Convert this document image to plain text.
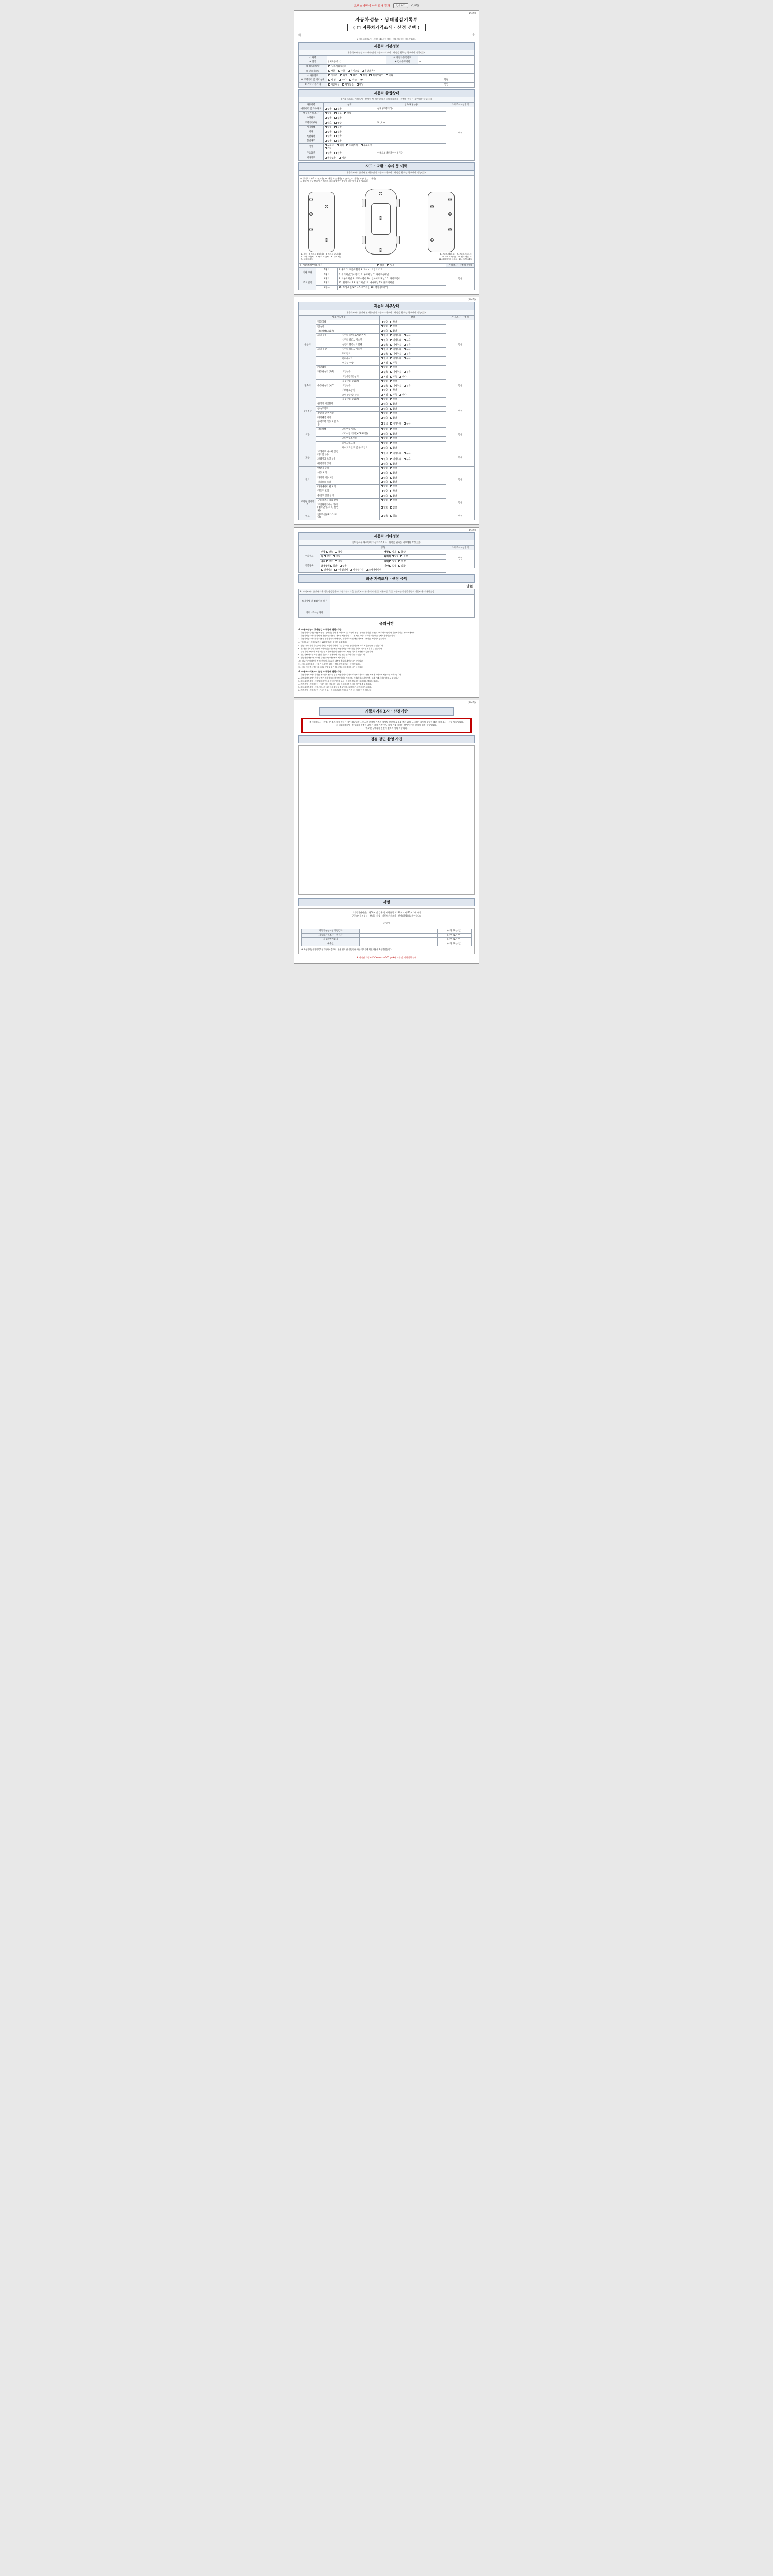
트랜스퍼민이 안전검사 결과	인쇄하기	(1/4쪽)
(1/4쪽)
자동차성능 · 상태점검기록부
( □ 자동차가격조사 · 산정 선택 )
제	호
※ 자동차가격조사 · 산정은 매수인이 원하는 경우 제공하는 서비스입니다.
자동차 기본정보
[가격조사·산정자가 매수인의 자동차가격조사 · 산정을 원하는 경우에만 작성(⬜)
① 차명		② 자동차등록번호	
③ 연식	( 최초등록 : )	④ 검사유효기간	~
⑤ 최초등록일	○ 검사유효기간		
⑥ 변속기종류	자동 수동 세미오토 무단변속기		
⑦ 사용연료	가솔린 디젤 LPG 전기 하이브리드 기타		
⑧ 주행거리 및 계기상태	적 정 과 다 과 소 km		만원
⑨ 기타 기준가격	리콜대응 해당없음 해당		만원
자동차 종합상태
[주요 조율품, 가격조사 · 산정자 및 매수인의 자동차가격조사 · 산정을 원하는 경우에만 작성(⬜)
사용이력	상태	항목/해당부품	가격조사 · 산정액
사용이력 및 특수사고	없음 있음	현재 (주행거리)	만원
매수인가격 조사	양호 보통 불량		
수리필요	없음 있음		
주행거리(%)	양호 불량	% , km	
계기상태	양호 불량		
기타	없음 있음		
특별내역	없음 있음		
불법개조	없음 있음		
색상	무채색 채색 전체도색 부분도색 기타		
주요옵션	없음 있음	선루프 / 내비게이션 / 기타	
기타정보	해당없음 해당		
사고 · 교환 · 수리 등 이력
[가격조사 · 산정자 및 매수인의 자동차가격조사 · 산정을 원하는 경우에만 작성(⬜)
※ 상태표시 부호 : X (교환), W (판금 또는 용접), C (부식), A (흠집), U (요철), T (손상)
※ 환원 및 해당 상태가 기준으로, 기타 차량적인 상태에 영향이 있을 수 있습니다.
1
2
3
4
5
6
7
8
9
10
11
12
13
1. 후드 2. 프론트 휀더(좌) 3. 프론트 도어(좌)
4. 리어 도어(좌) 5. 쿼터 패널(좌) 6. 루프 패널
7. 트렁크 리드
8. 프론트 휀더(우) 9. 프론트 도어(우)
10. 리어 도어(우) 11. 쿼터 패널(우)
12. 라디에이터 서포트 13. 프론트 패널
※ 시진(특정부위) 사진	없음	있음	가격조사 · 산정액(만원)
외판 부위	1랭크	1. 후드 2. 프론트휀더 3. 도어 4. 트렁크 리드	만원
	2랭크	5. 쿼터패널(리어휀더) 6. 루프패널 7. 사이드실패널	
주요 골격	A랭크	8. 프론트패널 9. 크로스멤버 10. 인사이드 패널 11. 사이드멤버	
	B랭크	12. 휠하우스 13. 필러패널 14. 대쉬패널 15. 플로어패널	
	C랭크	16. 트렁크 플로어 17. 리어패널 18. 패키지트레이	
(2/4쪽)
자동차 세부상태
[가격조사 · 산정자 및 매수인의 자동차가격조사 · 산정을 원하는 경우에만 작성(⬜)
항목/해당부품			상태	가격조사 · 산정액
원동기	작동상태		양호 불량	만원
	완속기		양호 불량	
	작동상태(공회전)		양호 불량	
	오일 누유	실린더 커버(로커암 커버)	없음 미세누유 누유	
		실린더 헤드 / 개스킷	없음 미세누유 누유	
		실린더 블록 / 오일팬	없음 미세누유 누유	
	오일 유량	실린더 헤드 / 개스킷	없음 미세누유 누유	
		워터펌프	없음 미세누유 누유	
		라디에이터	없음 미세누유 누유	
		냉각수 수량	적정 부족	
	커먼레일		양호 불량	
변속기	자동변속기 (A/T)	오일누유	없음 미세누유 누유	만원
		오일유량 및 상태	적정 부족 과다	
		작동상태(공회전)	양호 불량	
	수동변속기 (M/T)	오일누유	없음 미세누유 누유	
		기어변속장치	양호 불량	
		오일유량 및 상태	적정 부족 과다	
		작동상태(공회전)	양호 불량	
동력전달	클러치 어셈블리		양호 불량	만원
	등속조인트		양호 불량	
	추진축 및 베어링		양호 불량	
	디퍼렌셜 기어		양호 불량	
조향	동력조향 작동 오일 누유		없음 미세누유 누유	만원
	작동상태	스티어링 펌프	양호 불량	
		스티어링 기어(MDPS포함)	양호 불량	
		스티어링조인트	양호 불량	
		파워크랭크축	양호 불량	
		타이로드엔드 및 볼 조인트	양호 불량	
제동	브레이크 마스터 실린더오일 누유		없음 미세누유 누유	만원
	브레이크 오일 누유		없음 미세누유 누유	
	배력장치 상태		양호 불량	
전기	발전기 출력		양호 불량	만원
	시동 모터		양호 불량	
	와이퍼 기능 이상		양호 불량	
	실내송풍 모터		양호 불량	
	라디에이터 팬 모터		양호 불량	
	윈도우 모터		양호 불량	
고전원 전기장치	충전구 절연 상태		양호 불량	만원
	구동축전지 격리 상태		양호 불량	
	고전원전기배선 상태(접속단자, 피복, 절연체)		양호 불량	
연료	연료누출(LP가스 포함)		없음 있음	만원
(3/4쪽)
자동차 기타정보
[① 항목은 매수인이 자동차가격조사 · 산정을 원하는 경우에만 작성(⬜)
	항목		가격조사 · 산정액
수리필요	외장 양호 불량	내장 양호 불량	만원
	휠 양호 불량	타이어 양호 불량	
	유리 양호 불량	광택 양호 불량	
기본품목	보유상태 있음 없음	기타 있음 없음	
	안전벨트 사용설명서 안전삼각대 스페어타이어		
최종 가격조사 · 산정 금액
만원
※ 가격조사 · 산정가격은 성능점검업자가 자동차관기격을 산정(조사)한 가격이며 ⬜ 기술사법 / ⬜ 자동차관리전문자협회 기준사용 적용하였음
특기사항 및 점검자의 의견	
가격 · 조사산정자	
유의사항
※ 자동차성능 · 상태점검자 부분에 관한 사항

1. 자동차매매업자는 자동차성능 · 상태점검자에게 의뢰하여 ⬜ 자동차 성능 · 상태를 점검한 내용을 고지하여야 합니다(자동차관리법 제58조제1항).

2. 자동차성능 · 상태점검자가 거짓 또는 과장된 정보를 제공하거나 그 정보를 고의로 누락한 경우에는 손해배상책임을 집니다.

3. 자동차성능 · 상태점검 내용은 점검 당시의 상태이며, 점검 이후에 발생한 하자에 대해서는 책임지지 않습니다.

4. 이 기록부는 점검일로부터 120일 이내에 한하여 유효합니다.

5. 성능 · 상태점검 기록부에 기재된 사항이 실제와 다른 경우에는 관련 법령에 따라 보상을 받을 수 있습니다.

6. 본 점검 기록부의 내용에 이의가 있는 경우에는 자동차성능 · 상태점검자에게 이의를 제기할 수 있습니다.

7. 주행거리 표시기의 조작 여부는 외관상 확인이 곤란하므로 보증범위에서 제외될 수 있습니다.

8. 침수차량 여부는 육안 점검 기준으로 판정하며, 정밀 진단 결과와 다를 수 있습니다.

9. 성능점검 내용 중 소모성 부품은 보증 대상에서 제외됩니다.

10. 매수인은 매매계약 체결 전에 이 기록부의 내용을 충분히 확인하시기 바랍니다.

11. 자동차가격조사 · 산정은 매수인이 원하는 경우에만 제공되는 서비스입니다.

12. 기타 자세한 사항은 자동차관리법 및 같은 법 시행규칙을 참고하시기 바랍니다.

※ 자동차가격조사 · 산정자 부분에 관한 사항

1. 자동차가격조사 · 산정은 매수인이 원하는 경우 자동차매매업자가 자동차가격조사 · 산정자에게 의뢰하여 제공하는 서비스입니다.

2. 자동차가격조사 · 산정 금액은 점검 당시의 자동차 상태를 기준으로 산정된 참고 가격이며, 실제 거래 가격과 다를 수 있습니다.

3. 자동차가격조사 · 산정자가 거짓으로 자동차가격을 조사 · 산정한 경우에는 그에 따른 책임을 집니다.

4. 가격조사 · 산정 내용에 이의가 있는 경우에는 해당 산정자에게 이의를 제기할 수 있습니다.

5. 자동차가격조사 · 산정 서비스는 유상으로 제공될 수 있으며, 그 비용은 사전에 고지됩니다.

6. 가격조사 · 산정 기준은 기술사법 또는 자동차관리전문자협회 기준 중 선택하여 적용합니다.

(4/4쪽)
자동차가격조사 · 산정이란
※「가격조사 · 산정」은 소비자가 원하는 경우 제공하는 서비스로 중고차 가격의 적정성 판단에 도움을 주기 위해 실시하는 자동차 상태에 대한 가격 조사 · 산정 제도입니다.
자동차가격조사 · 산정자가 산정한 금액은 참고 가격이며, 실제 거래 가격은 당사자 간의 합의에 따라 결정됩니다.
매도인 구매자가 본인에 결과의 유의 바랍니다.
점검 장면 촬영 사진
서명
「자동차관리법」 제58조 및 같은 법 시행규칙 제120조 · 제121조기에 따라
(구중고자동차성능 · 상태를 점검 · 자동차가격조사 · 산정)하였음을 확인합니다.
년 월 일
자동차성능 · 상태점검자		(서명 또는 인)
자동차가격조사 · 산정자		(서명 또는 인)
자동차매매업자		(서명 또는 인)
매수인		(서명 또는 인)
※ 자동차성능점검기록부 ( 자동차보증조사 · 산정 선택 )을 발급받은 자는 기록부에 적힌 내용을 확인하였습니다.
※ 저작권 자동차(KICweew.car365.go.kr) 기준 및 민원신청 안내
